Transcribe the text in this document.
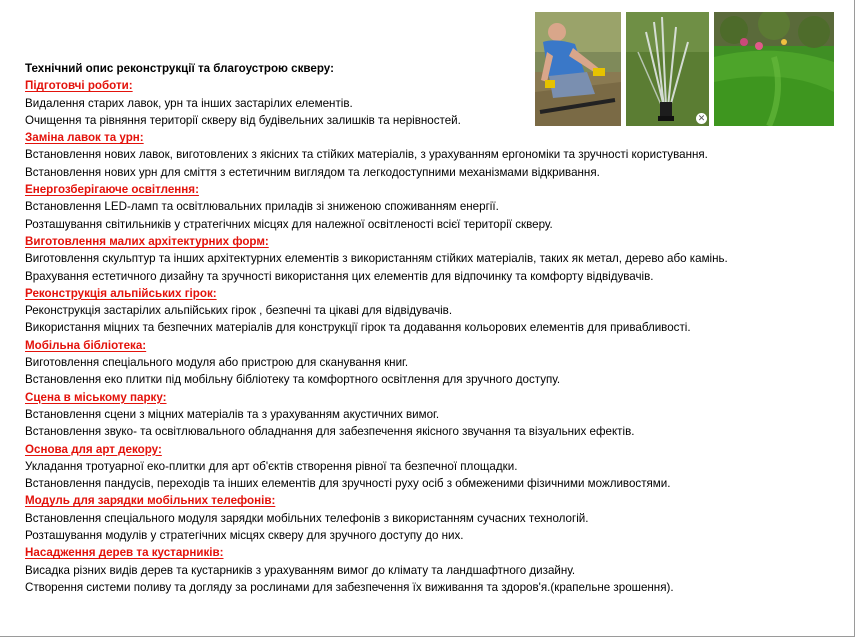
✕
Технічний опис реконструкції та благоустрою скверу:
Підготовчі роботи:
Видалення старих лавок, урн та інших застарілих елементів.
Очищення та рівняння території скверу від будівельних залишків та нерівностей.
Заміна лавок та урн:
Встановлення нових лавок, виготовлених з якісних та стійких матеріалів, з урахуванням ергономіки та зручності користування.
Встановлення нових урн для сміття з естетичним виглядом та легкодоступними механізмами відкривання.
Енергозберігаюче освітлення:
Встановлення LED-ламп та освітлювальних приладів зі зниженою споживанням енергії.
Розташування світильників у стратегічних місцях для належної освітленості всієї території скверу.
Виготовлення малих архітектурних форм:
Виготовлення скульптур та інших архітектурних елементів з використанням стійких матеріалів, таких як метал, дерево або камінь.
Врахування естетичного дизайну та зручності використання цих елементів для відпочинку та комфорту відвідувачів.
Реконструкція альпійських гірок:
Реконструкція застарілих альпійських гірок , безпечні та цікаві для відвідувачів.
Використання міцних та безпечних матеріалів для конструкції гірок та додавання кольорових елементів для привабливості.
Мобільна бібліотека:
Виготовлення спеціального модуля або пристрою для сканування книг.
Встановлення еко плитки під мобільну бібліотеку та комфортного освітлення для зручного доступу.
Сцена в міському парку:
Встановлення сцени з міцних матеріалів та з урахуванням акустичних вимог.
Встановлення звуко- та освітлювального обладнання для забезпечення якісного звучання та візуальних ефектів.
Основа для арт декору:
Укладання тротуарної еко-плитки для арт об'єктів створення рівної та безпечної площадки.
Встановлення пандусів, переходів та інших елементів для зручності руху осіб з обмеженими фізичними можливостями.
Модуль для зарядки мобільних телефонів:
Встановлення спеціального модуля зарядки мобільних телефонів з використанням сучасних технологій.
Розташування модулів у стратегічних місцях скверу для зручного доступу до них.
Насадження дерев та кустарників:
Висадка різних видів дерев та кустарників з урахуванням вимог до клімату та ландшафтного дизайну.
Створення системи поливу та догляду за рослинами для забезпечення їх виживання та здоров'я.(крапельне зрошення).
